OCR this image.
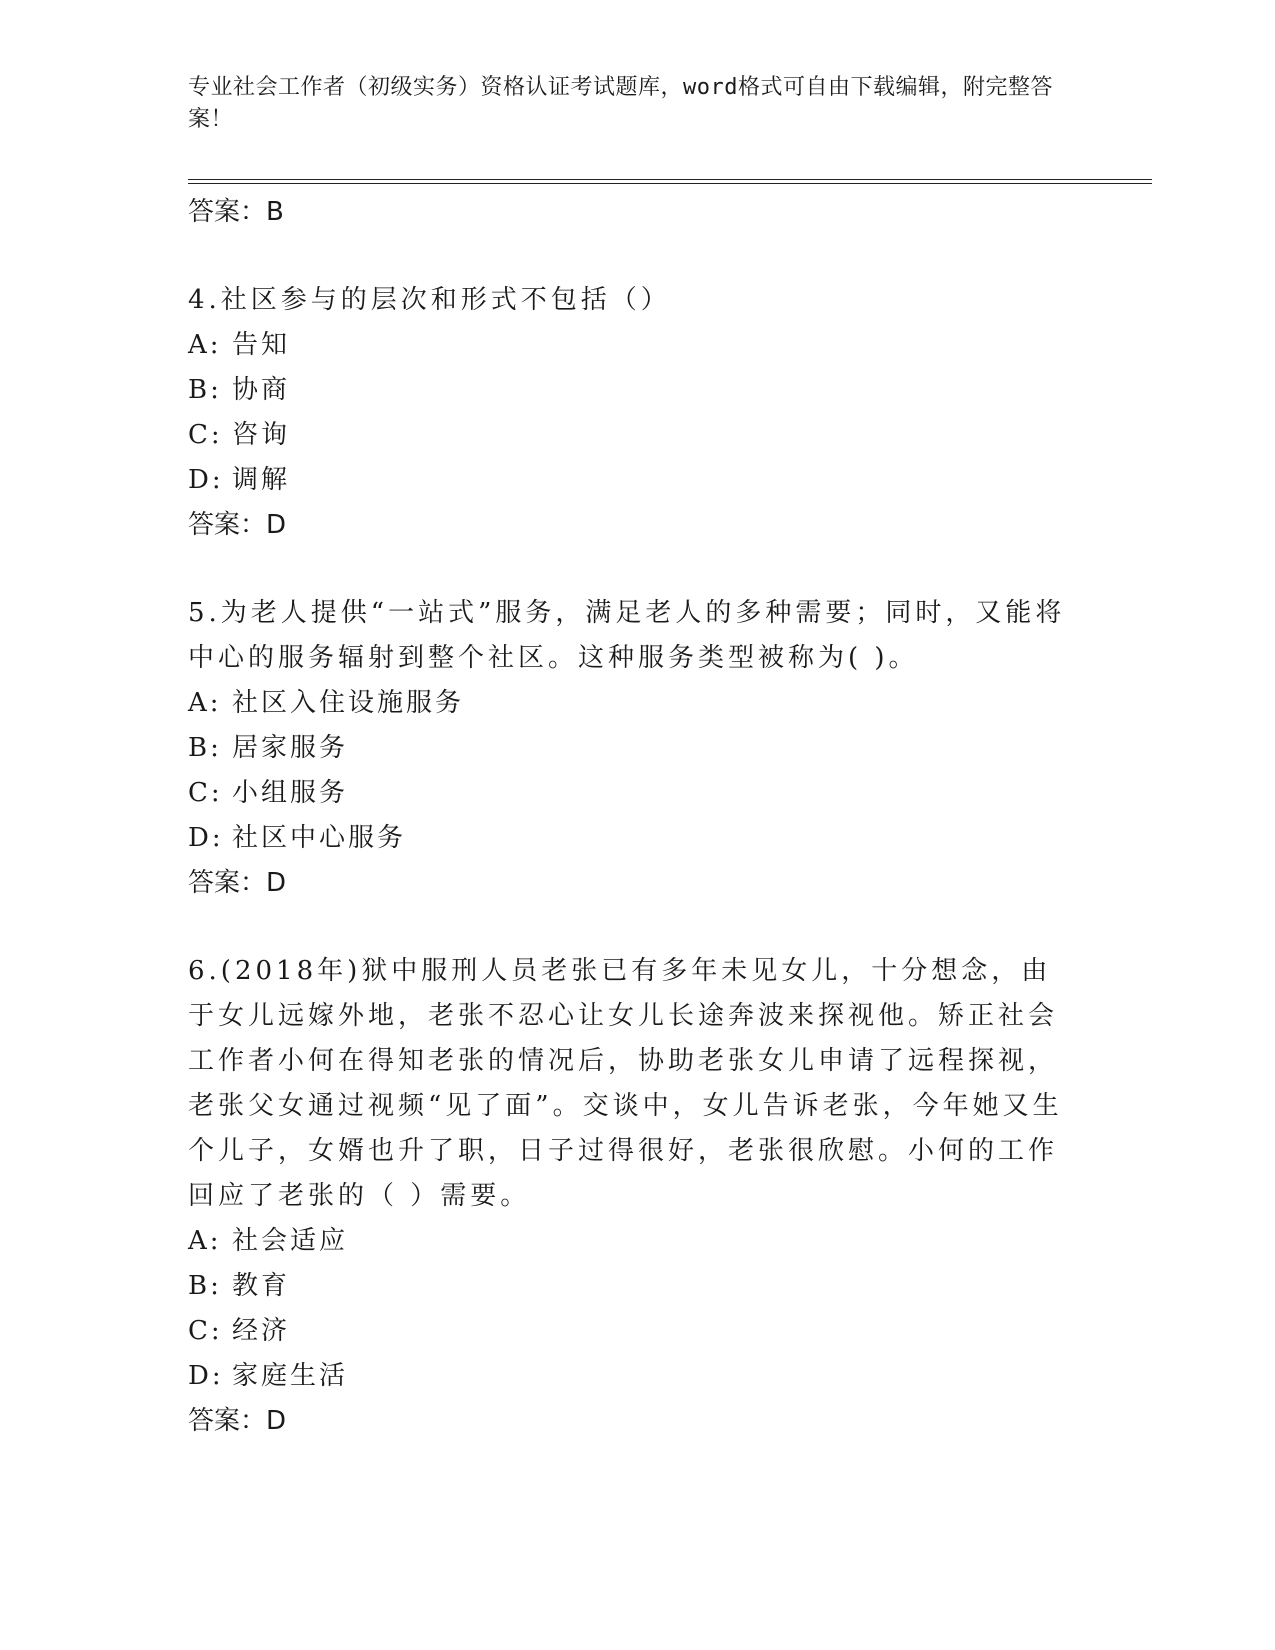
专业社会工作者（初级实务）资格认证考试题库，word格式可自由下载编辑，附完整答案！
答案：B
4.社区参与的层次和形式不包括（）
A: 告知
B: 协商
C: 咨询
D: 调解
答案：D
5.为老人提供“一站式”服务，满足老人的多种需要；同时，又能将中心的服务辐射到整个社区。这种服务类型被称为( )。
A: 社区入住设施服务
B: 居家服务
C: 小组服务
D: 社区中心服务
答案：D
6.(2018年)狱中服刑人员老张已有多年未见女儿，十分想念，由于女儿远嫁外地，老张不忍心让女儿长途奔波来探视他。矫正社会工作者小何在得知老张的情况后，协助老张女儿申请了远程探视，老张父女通过视频“见了面”。交谈中，女儿告诉老张，今年她又生个儿子，女婿也升了职，日子过得很好，老张很欣慰。小何的工作回应了老张的（ ）需要。
A: 社会适应
B: 教育
C: 经济
D: 家庭生活
答案：D
